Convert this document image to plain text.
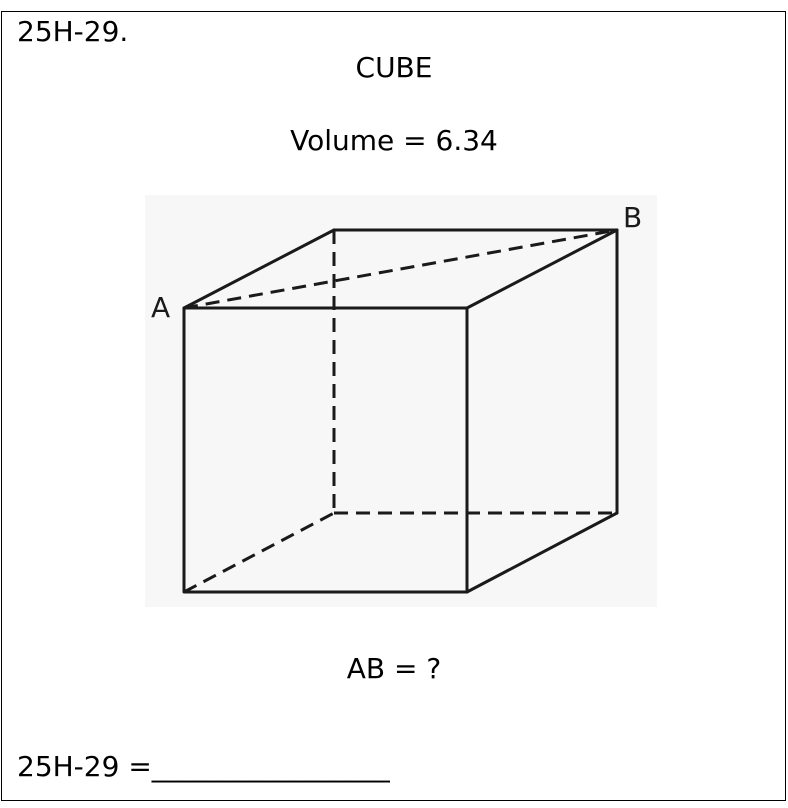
25H-29.
CUBE
Volume = 6.34
A
B
AB = ?
25H-29 =_________________
